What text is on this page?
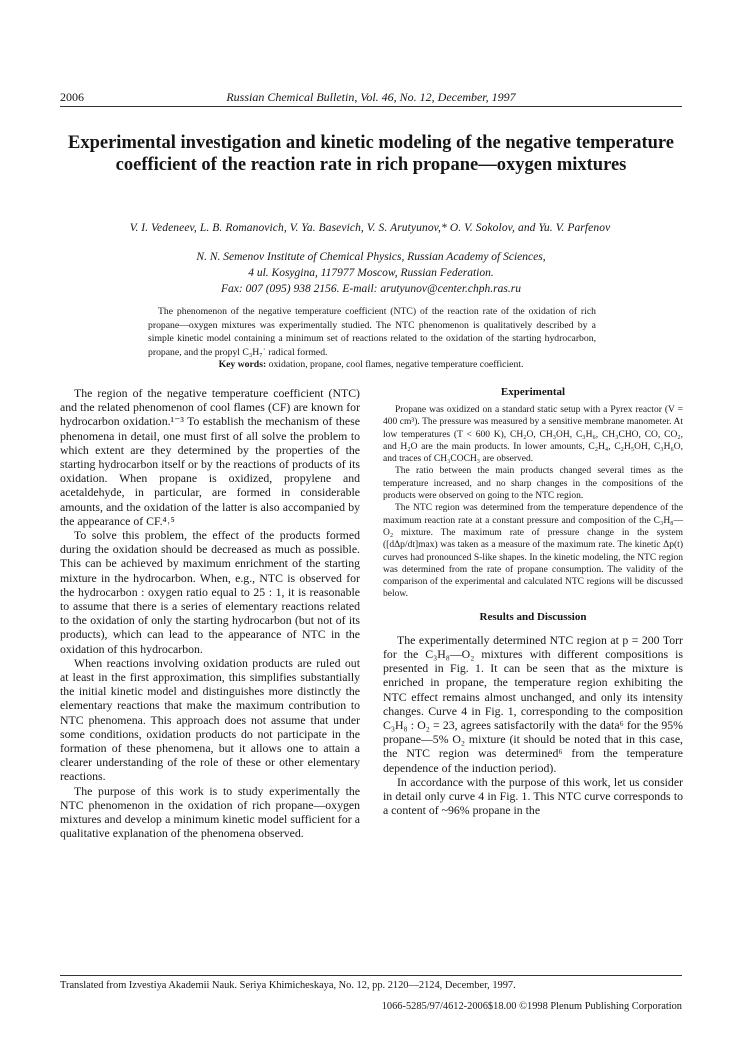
2006	Russian Chemical Bulletin, Vol. 46, No. 12, December, 1997
Experimental investigation and kinetic modeling of the negative temperature coefficient of the reaction rate in rich propane—oxygen mixtures
V. I. Vedeneev, L. B. Romanovich, V. Ya. Basevich, V. S. Arutyunov,* O. V. Sokolov, and Yu. V. Parfenov
N. N. Semenov Institute of Chemical Physics, Russian Academy of Sciences,
4 ul. Kosygina, 117977 Moscow, Russian Federation.
Fax: 007 (095) 938 2156. E-mail: arutyunov@center.chph.ras.ru
The phenomenon of the negative temperature coefficient (NTC) of the reaction rate of the oxidation of rich propane—oxygen mixtures was experimentally studied. The NTC phenomenon is qualitatively described by a simple kinetic model containing a minimum set of reactions related to the oxidation of the starting hydrocarbon, propane, and the propyl C₃H₇˙ radical formed.
Key words: oxidation, propane, cool flames, negative temperature coefficient.

The region of the negative temperature coefficient (NTC) and the related phenomenon of cool flames (CF) are known for hydrocarbon oxidation.¹⁻³ To establish the mechanism of these phenomena in detail, one must first of all solve the problem to which extent are they determined by the properties of the starting hydrocarbon itself or by the reactions of products of its oxidation. When propane is oxidized, propylene and acetaldehyde, in particular, are formed in considerable amounts, and the oxidation of the latter is also accompanied by the appearance of CF.⁴˒⁵

To solve this problem, the effect of the products formed during the oxidation should be decreased as much as possible. This can be achieved by maximum enrichment of the starting mixture in the hydrocarbon. When, e.g., NTC is observed for the hydrocarbon : oxygen ratio equal to 25 : 1, it is reasonable to assume that there is a series of elementary reactions related to the oxidation of only the starting hydrocarbon (but not of its products), which can lead to the appearance of NTC in the oxidation of this hydrocarbon.

When reactions involving oxidation products are ruled out at least in the first approximation, this simplifies substantially the initial kinetic model and distinguishes more distinctly the elementary reactions that make the maximum contribution to NTC phenomena. This approach does not assume that under some conditions, oxidation products do not participate in the formation of these phenomena, but it allows one to attain a clearer understanding of the role of these or other elementary reactions.

The purpose of this work is to study experimentally the NTC phenomenon in the oxidation of rich propane—oxygen mixtures and develop a minimum kinetic model sufficient for a qualitative explanation of the phenomena observed.

Experimental

Propane was oxidized on a standard static setup with a Pyrex reactor (V = 400 cm³). The pressure was measured by a sensitive membrane manometer. At low temperatures (T < 600 K), CH₂O, CH₃OH, C₃H₆, CH₃CHO, CO, CO₂, and H₂O are the main products. In lower amounts, C₂H₄, C₂H₅OH, C₃H₆O, and traces of CH₃COCH₃ are observed.

The ratio between the main products changed several times as the temperature increased, and no sharp changes in the compositions of the products were observed on going to the NTC region.

The NTC region was determined from the temperature dependence of the maximum reaction rate at a constant pressure and composition of the C₃H₈—O₂ mixture. The maximum rate of pressure change in the system ([dΔp/dt]max) was taken as a measure of the maximum rate. The kinetic Δp(t) curves had pronounced S-like shapes. In the kinetic modeling, the NTC region was determined from the rate of propane consumption. The validity of the comparison of the experimental and calculated NTC regions will be discussed below.

Results and Discussion

The experimentally determined NTC region at p = 200 Torr for the C₃H₈—O₂ mixtures with different compositions is presented in Fig. 1. It can be seen that as the mixture is enriched in propane, the temperature region exhibiting the NTC effect remains almost unchanged, and only its intensity changes. Curve 4 in Fig. 1, corresponding to the composition C₃H₈ : O₂ = 23, agrees satisfactorily with the data⁶ for the 95% propane—5% O₂ mixture (it should be noted that in this case, the NTC region was determined⁶ from the temperature dependence of the induction period).

In accordance with the purpose of this work, let us consider in detail only curve 4 in Fig. 1. This NTC curve corresponds to a content of ~96% propane in the

Translated from Izvestiya Akademii Nauk. Seriya Khimicheskaya, No. 12, pp. 2120—2124, December, 1997.
1066-5285/97/4612-2006$18.00 ©1998 Plenum Publishing Corporation
